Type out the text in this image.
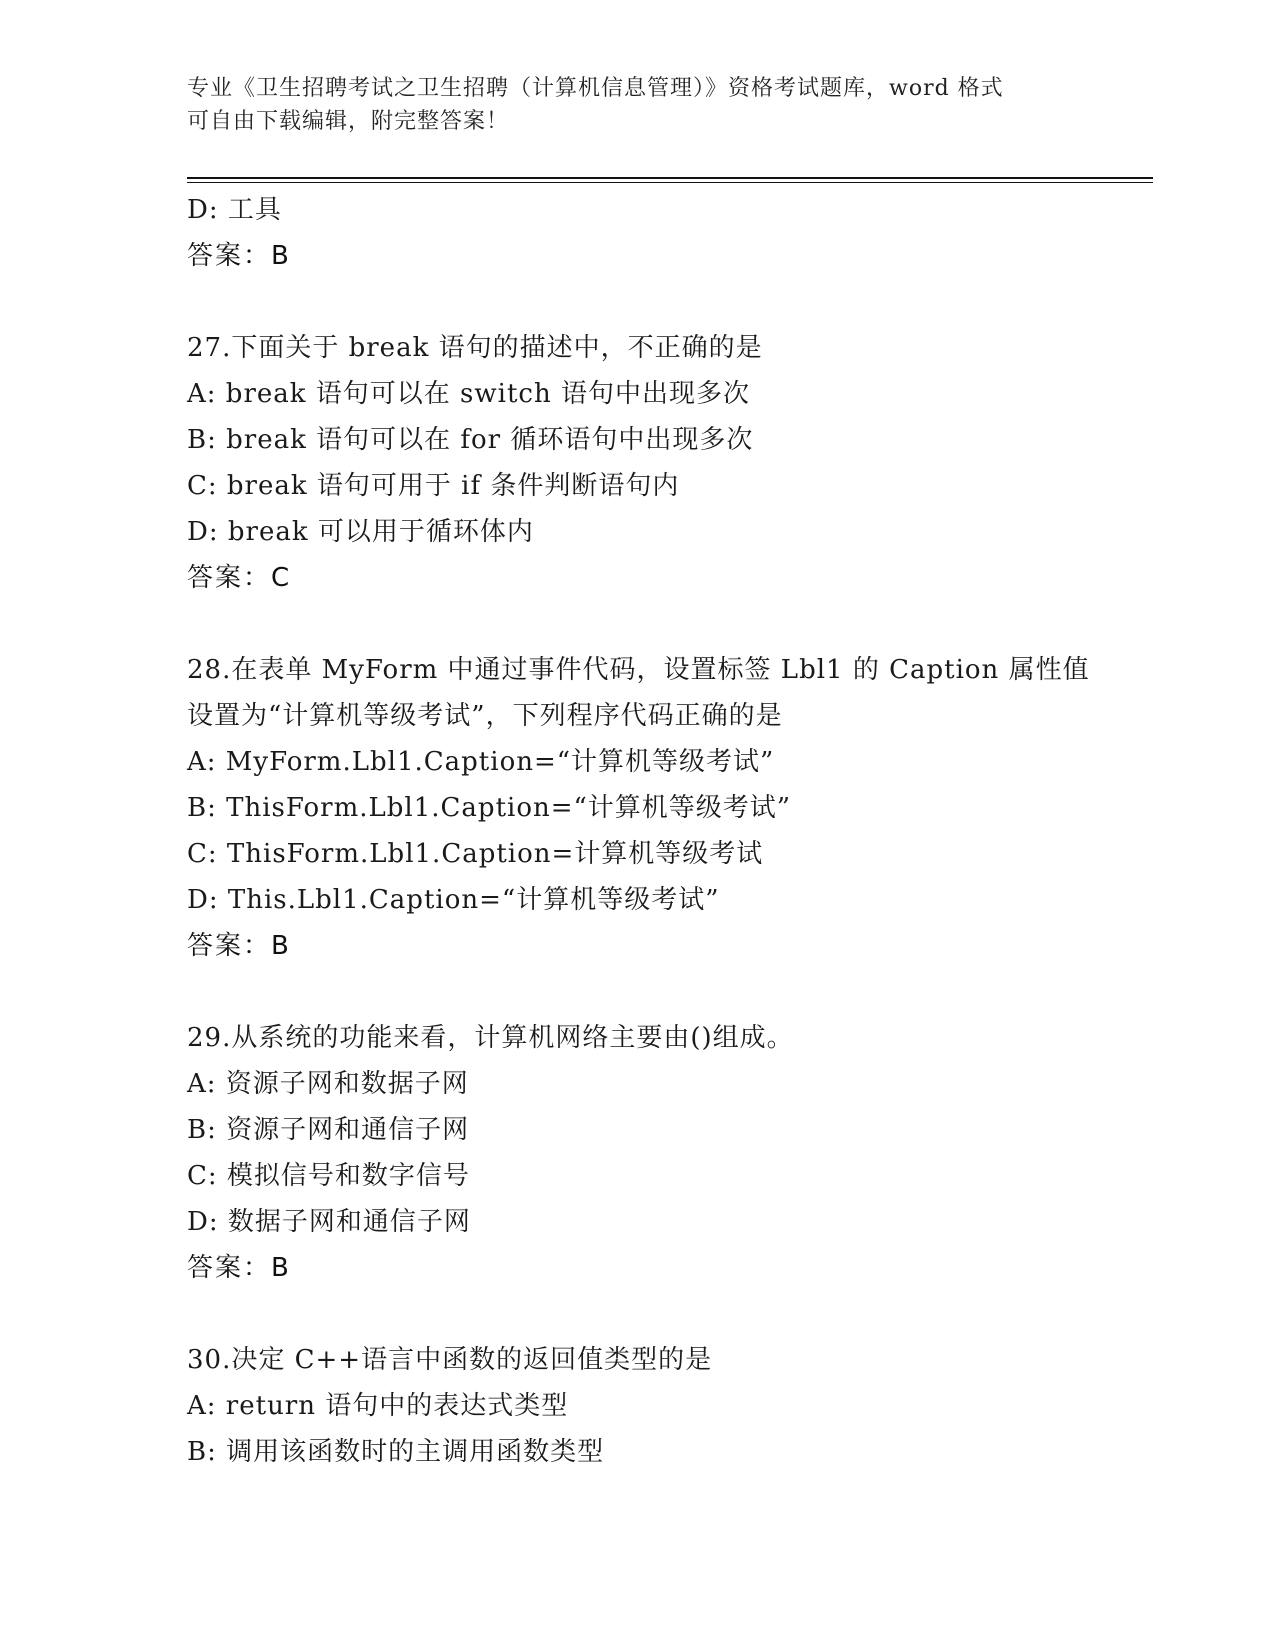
专业《卫生招聘考试之卫生招聘（计算机信息管理）》资格考试题库，word 格式
可自由下载编辑，附完整答案！
D: 工具
答案：B
27.下面关于 break 语句的描述中，不正确的是
A: break 语句可以在 switch 语句中出现多次
B: break 语句可以在 for 循环语句中出现多次
C: break 语句可用于 if 条件判断语句内
D: break 可以用于循环体内
答案：C
28.在表单 MyForm 中通过事件代码，设置标签 Lbl1 的 Caption 属性值
设置为“计算机等级考试”，下列程序代码正确的是
A: MyForm.Lbl1.Caption=“计算机等级考试”
B: ThisForm.Lbl1.Caption=“计算机等级考试”
C: ThisForm.Lbl1.Caption=计算机等级考试
D: This.Lbl1.Caption=“计算机等级考试”
答案：B
29.从系统的功能来看，计算机网络主要由()组成。
A: 资源子网和数据子网
B: 资源子网和通信子网
C: 模拟信号和数字信号
D: 数据子网和通信子网
答案：B
30.决定 C++语言中函数的返回值类型的是
A: return 语句中的表达式类型
B: 调用该函数时的主调用函数类型
